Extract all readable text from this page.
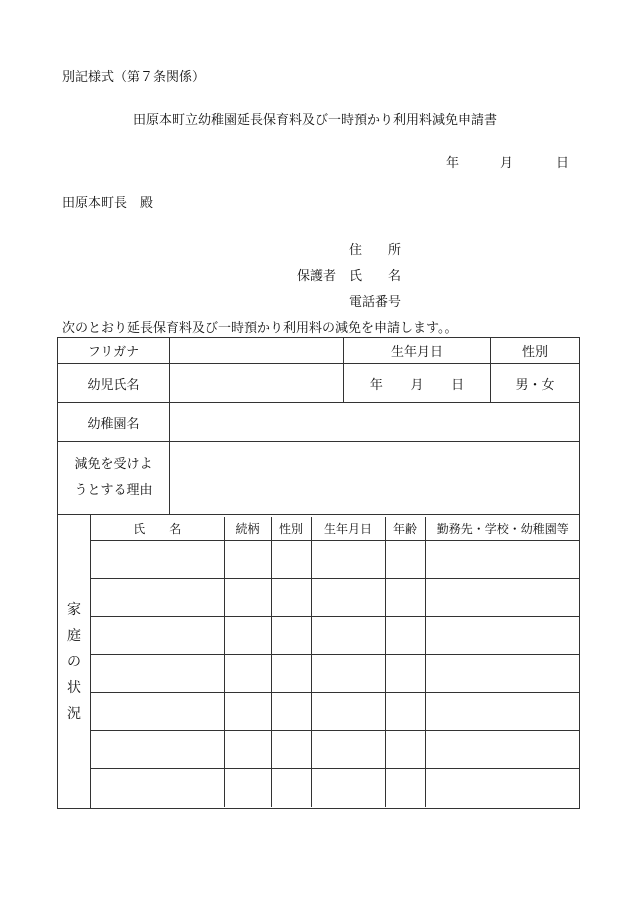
別記様式（第７条関係）
田原本町立幼稚園延長保育料及び一時預かり利用料減免申請書
年	月	日
田原本町長　殿
住　　所
保護者 氏　　名
電話番号
次のとおり延長保育料及び一時預かり利用料の減免を申請します。。
フリガナ		生年月日	性別
幼児氏名		年 月 日	男・女
幼稚園名	

減免を受けよ
うとする理由

家
庭
の
状
況

氏　　名	続柄	性別	生年月日	年齢	勤務先・学校・幼稚園等
